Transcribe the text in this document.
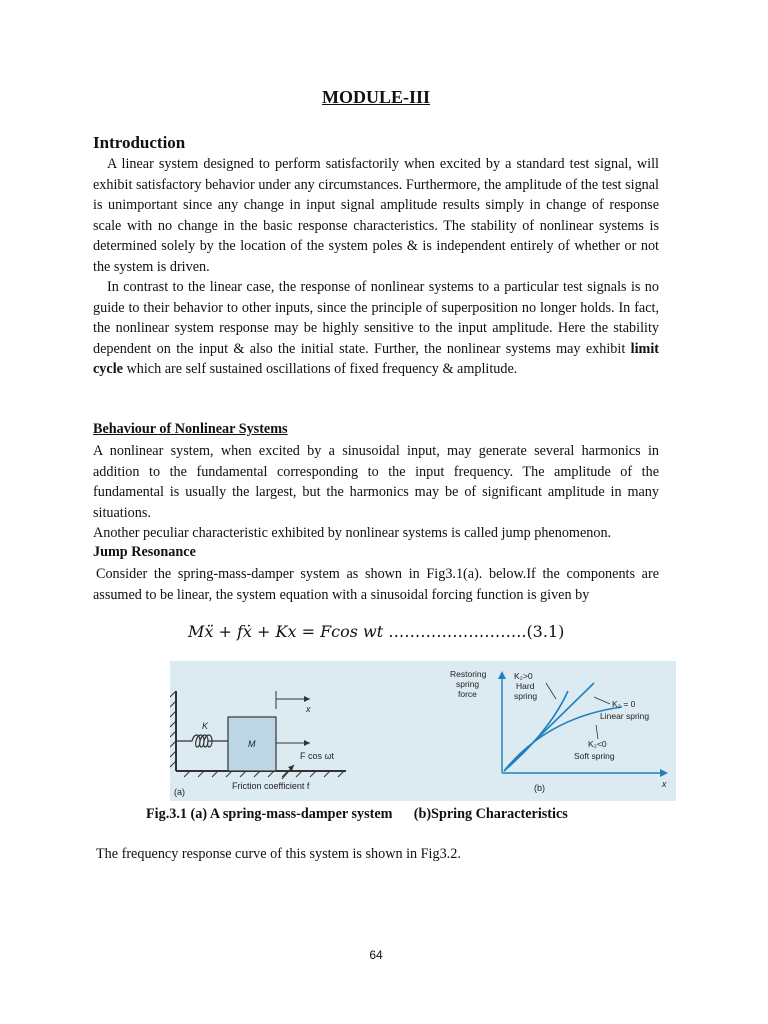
MODULE-III
Introduction

A linear system designed to perform satisfactorily when excited by a standard test signal, will exhibit satisfactory behavior under any circumstances. Furthermore, the amplitude of the test signal is unimportant since any change in input signal amplitude results simply in change of response scale with no change in the basic response characteristics. The stability of nonlinear systems is determined solely by the location of the system poles & is independent entirely of whether or not the system is driven.

In contrast to the linear case, the response of nonlinear systems to a particular test signals is no guide to their behavior to other inputs, since the principle of superposition no longer holds. In fact, the nonlinear system response may be highly sensitive to the input amplitude. Here the stability dependent on the input & also the initial state. Further, the nonlinear systems may exhibit limit cycle which are self sustained oscillations of fixed frequency & amplitude.

Behaviour of Nonlinear Systems

A nonlinear system, when excited by a sinusoidal input, may generate several harmonics in addition to the fundamental corresponding to the input frequency. The amplitude of the fundamental is usually the largest, but the harmonics may be of significant amplitude in many situations.

Another peculiar characteristic exhibited by nonlinear systems is called jump phenomenon.

Jump Resonance

Consider the spring-mass-damper system as shown in Fig3.1(a). below.If the components are assumed to be linear, the system equation with a sinusoidal forcing function is given by

Mẍ + fẋ + Kx = Fcos wt ……………………..(3.1)
K
M
x
F cos ωt
Friction coefficient f
(a)
Restoring
spring
force
x
K₂>0
Hard
spring
K₂ = 0
Linear spring
K₂<0
Soft spring
(b)
Fig.3.1 (a) A spring-mass-damper system      (b)Spring Characteristics
The frequency response curve of this system is shown in Fig3.2.
64
